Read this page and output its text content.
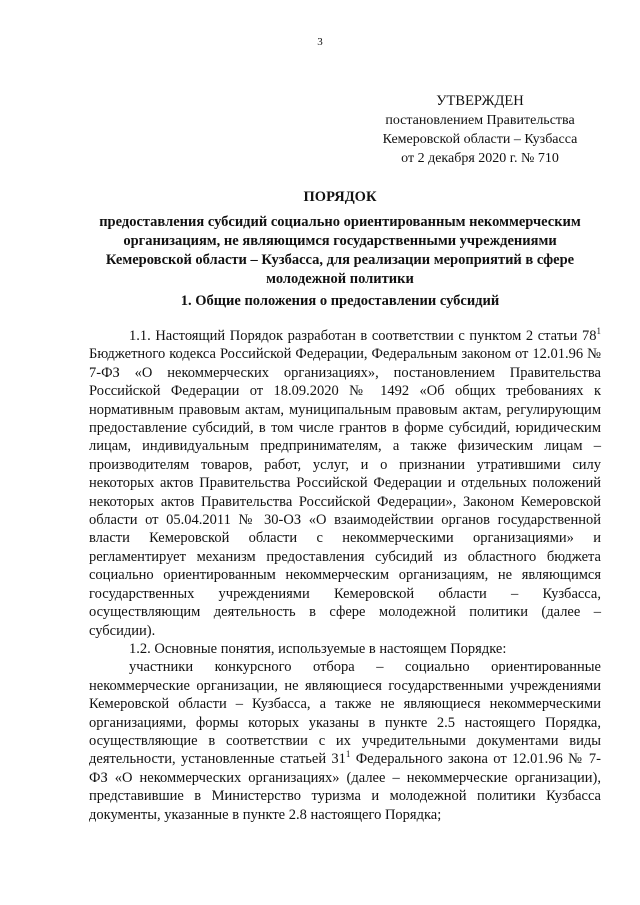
3
УТВЕРЖДЕН
постановлением Правительства
Кемеровской области – Кузбасса
от 2 декабря 2020 г. № 710
ПОРЯДОК
предоставления субсидий социально ориентированным некоммерческим организациям, не являющимся государственными учреждениями Кемеровской области – Кузбасса, для реализации мероприятий в сфере молодежной политики
1. Общие положения о предоставлении субсидий

1.1. Настоящий Порядок разработан в соответствии с пунктом 2 статьи $78^1$ Бюджетного кодекса Российской Федерации, Федеральным законом от 12.01.96 № 7-ФЗ «О некоммерческих организациях», постановлением Правительства Российской Федерации от 18.09.2020 № 1492 «Об общих требованиях к нормативным правовым актам, муниципальным правовым актам, регулирующим предоставление субсидий, в том числе грантов в форме субсидий, юридическим лицам, индивидуальным предпринимателям, а также физическим лицам – производителям товаров, работ, услуг, и о признании утратившими силу некоторых актов Правительства Российской Федерации и отдельных положений некоторых актов Правительства Российской Федерации», Законом Кемеровской области от 05.04.2011 № 30-ОЗ «О взаимодействии органов государственной власти Кемеровской области с некоммерческими организациями» и регламентирует механизм предоставления субсидий из областного бюджета социально ориентированным некоммерческим организациям, не являющимся государственных учреждениями Кемеровской области – Кузбасса, осуществляющим деятельность в сфере молодежной политики (далее – субсидии).

1.2. Основные понятия, используемые в настоящем Порядке:

участники конкурсного отбора – социально ориентированные некоммерческие организации, не являющиеся государственными учреждениями Кемеровской области – Кузбасса, а также не являющиеся некоммерческими организациями, формы которых указаны в пункте 2.5 настоящего Порядка, осуществляющие в соответствии с их учредительными документами виды деятельности, установленные статьей $31^1$ Федерального закона от 12.01.96 № 7-ФЗ «О некоммерческих организациях» (далее – некоммерческие организации), представившие в Министерство туризма и молодежной политики Кузбасса документы, указанные в пункте 2.8 настоящего Порядка;
